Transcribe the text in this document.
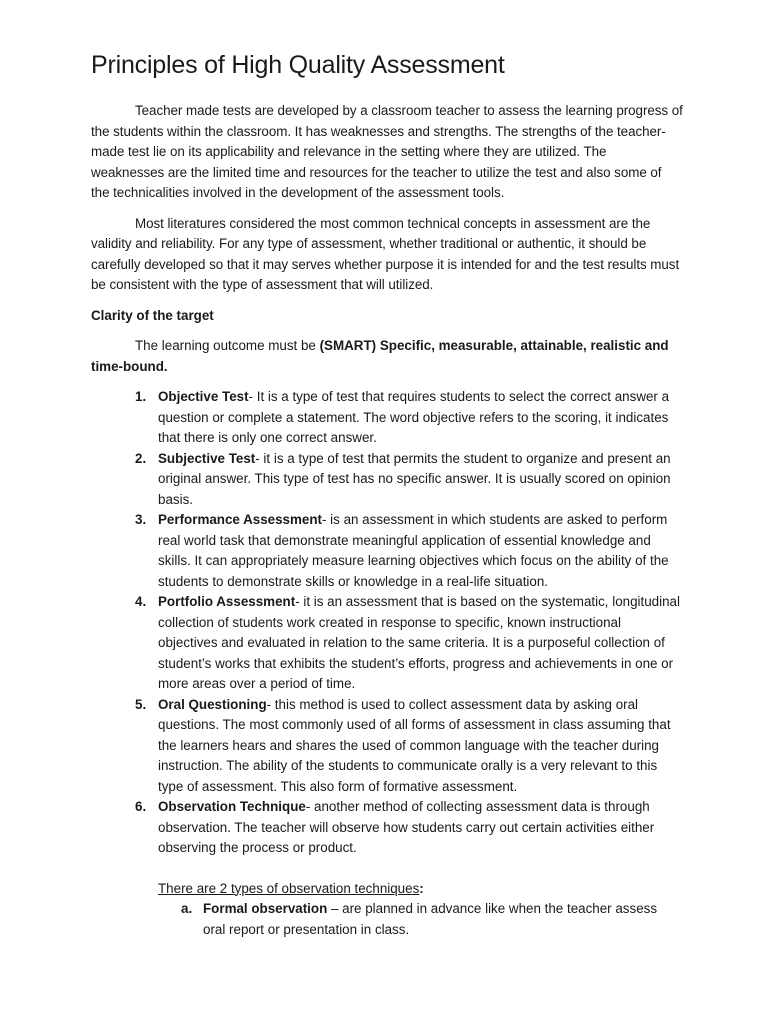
Principles of High Quality Assessment

Teacher made tests are developed by a classroom teacher to assess the learning progress of the students within the classroom. It has weaknesses and strengths. The strengths of the teacher-made test lie on its applicability and relevance in the setting where they are utilized. The weaknesses are the limited time and resources for the teacher to utilize the test and also some of the technicalities involved in the development of the assessment tools.

Most literatures considered the most common technical concepts in assessment are the validity and reliability. For any type of assessment, whether traditional or authentic, it should be carefully developed so that it may serves whether purpose it is intended for and the test results must be consistent with the type of assessment that will utilized.

Clarity of the target

The learning outcome must be (SMART) Specific, measurable, attainable, realistic and time-bound.

1. Objective Test- It is a type of test that requires students to select the correct answer a question or complete a statement. The word objective refers to the scoring, it indicates that there is only one correct answer.
2. Subjective Test- it is a type of test that permits the student to organize and present an original answer. This type of test has no specific answer. It is usually scored on opinion basis.
3. Performance Assessment- is an assessment in which students are asked to perform real world task that demonstrate meaningful application of essential knowledge and skills. It can appropriately measure learning objectives which focus on the ability of the students to demonstrate skills or knowledge in a real-life situation.
4. Portfolio Assessment- it is an assessment that is based on the systematic, longitudinal collection of students work created in response to specific, known instructional objectives and evaluated in relation to the same criteria. It is a purposeful collection of student’s works that exhibits the student’s efforts, progress and achievements in one or more areas over a period of time.
5. Oral Questioning- this method is used to collect assessment data by asking oral questions. The most commonly used of all forms of assessment in class assuming that the learners hears and shares the used of common language with the teacher during instruction. The ability of the students to communicate orally is a very relevant to this type of assessment. This also form of formative assessment.
6. Observation Technique- another method of collecting assessment data is through observation. The teacher will observe how students carry out certain activities either observing the process or product.

There are 2 types of observation techniques:

a. Formal observation – are planned in advance like when the teacher assess oral report or presentation in class.
